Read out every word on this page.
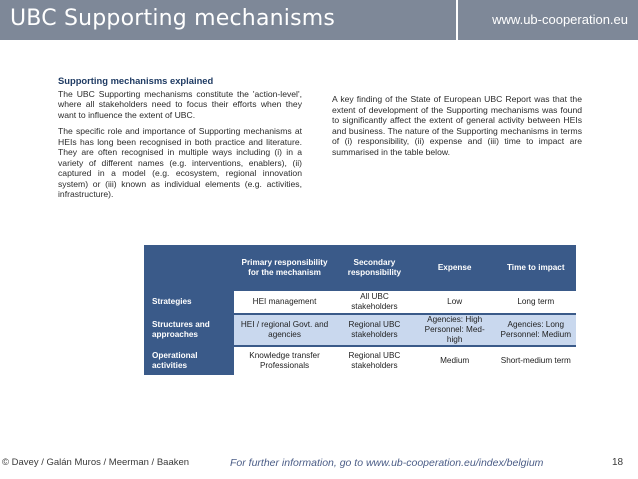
UBC Supporting mechanisms	www.ub-cooperation.eu
Supporting mechanisms explained

The UBC Supporting mechanisms constitute the 'action-level', where all stakeholders need to focus their efforts when they want to influence the extent of UBC.

The specific role and importance of Supporting mechanisms at HEIs has long been recognised in both practice and literature. They are often recognised in multiple ways including (i) in a variety of different names (e.g. interventions, enablers), (ii) captured in a model (e.g. ecosystem, regional innovation system) or (iii) known as individual elements (e.g. activities, infrastructure).

A key finding of the State of European UBC Report was that the extent of development of the Supporting mechanisms was found to significantly affect the extent of general activity between HEIs and business. The nature of the Supporting mechanisms in terms of (i) responsibility, (ii) expense and (iii) time to impact are summarised in the table below.

	Primary responsibility for the mechanism	Secondary responsibility	Expense	Time to impact
Strategies	HEI management	All UBC stakeholders	Low	Long term
Structures and approaches	HEI / regional Govt. and agencies	Regional UBC stakeholders	Agencies: High Personnel: Med-high	Agencies: Long Personnel: Medium
Operational activities	Knowledge transfer Professionals	Regional UBC stakeholders	Medium	Short-medium term
© Davey / Galán Muros / Meerman / Baaken	For further information, go to www.ub-cooperation.eu/index/belgium	18
